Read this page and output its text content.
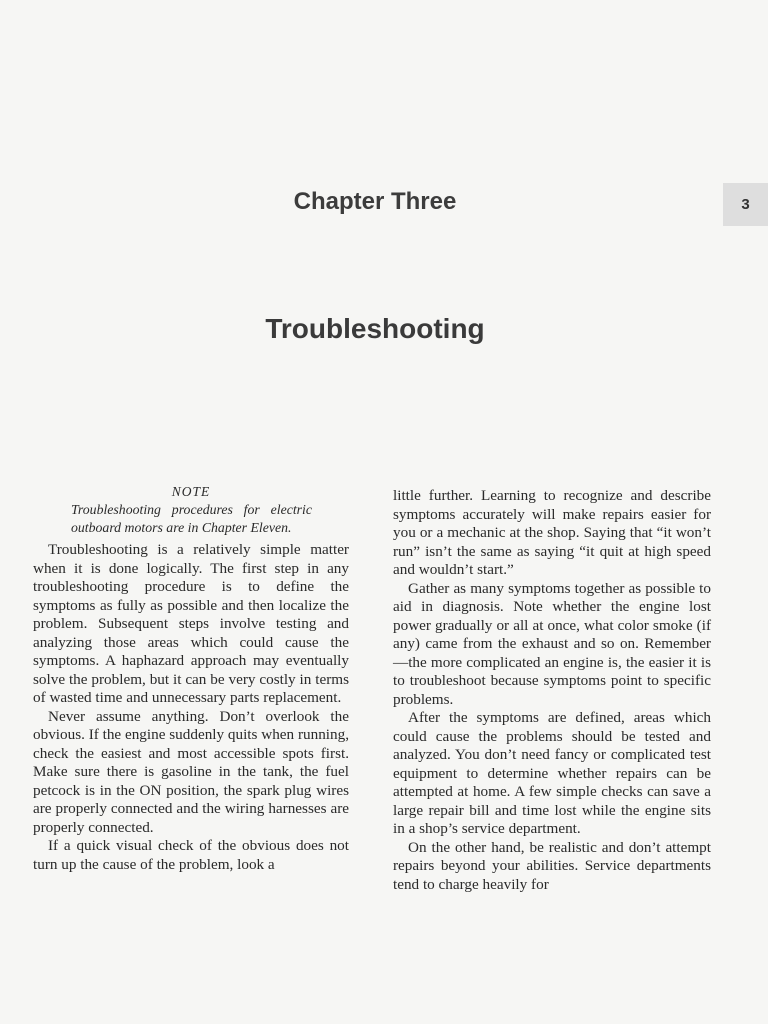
3
Chapter Three
Troubleshooting
NOTE
Troubleshooting procedures for electric outboard motors are in Chapter Eleven.

Troubleshooting is a relatively simple matter when it is done logically. The first step in any troubleshooting procedure is to define the symptoms as fully as possible and then localize the problem. Subsequent steps involve testing and analyzing those areas which could cause the symptoms. A haphazard approach may eventually solve the problem, but it can be very costly in terms of wasted time and unnecessary parts replacement.

Never assume anything. Don’t overlook the obvious. If the engine suddenly quits when running, check the easiest and most accessible spots first. Make sure there is gasoline in the tank, the fuel petcock is in the ON position, the spark plug wires are properly connected and the wiring harnesses are properly connected.

If a quick visual check of the obvious does not turn up the cause of the problem, look a

little further. Learning to recognize and describe symptoms accurately will make repairs easier for you or a mechanic at the shop. Saying that “it won’t run” isn’t the same as saying “it quit at high speed and wouldn’t start.”

Gather as many symptoms together as possible to aid in diagnosis. Note whether the engine lost power gradually or all at once, what color smoke (if any) came from the exhaust and so on. Remember—the more complicated an engine is, the easier it is to troubleshoot because symptoms point to specific problems.

After the symptoms are defined, areas which could cause the problems should be tested and analyzed. You don’t need fancy or complicated test equipment to determine whether repairs can be attempted at home. A few simple checks can save a large repair bill and time lost while the engine sits in a shop’s service department.

On the other hand, be realistic and don’t attempt repairs beyond your abilities. Service departments tend to charge heavily for
